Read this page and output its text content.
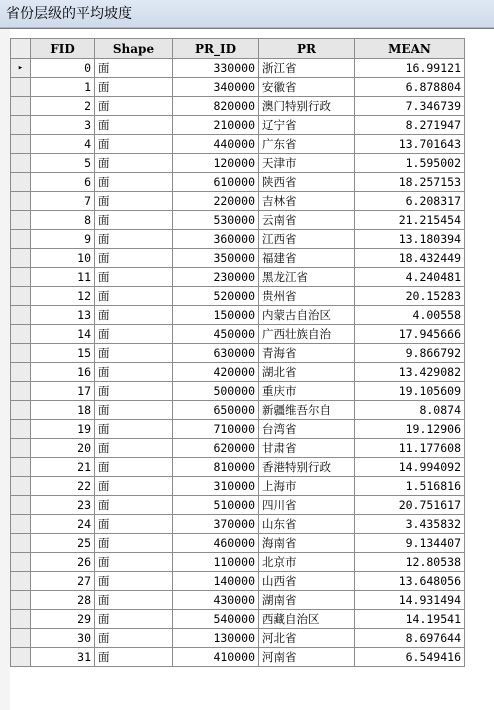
省份层级的平均坡度
	FID	Shape	PR_ID	PR	MEAN
▸	0	面	330000	浙江省	16.99121
	1	面	340000	安徽省	6.878804
	2	面	820000	澳门特别行政	7.346739
	3	面	210000	辽宁省	8.271947
	4	面	440000	广东省	13.701643
	5	面	120000	天津市	1.595002
	6	面	610000	陕西省	18.257153
	7	面	220000	吉林省	6.208317
	8	面	530000	云南省	21.215454
	9	面	360000	江西省	13.180394
	10	面	350000	福建省	18.432449
	11	面	230000	黑龙江省	4.240481
	12	面	520000	贵州省	20.15283
	13	面	150000	内蒙古自治区	4.00558
	14	面	450000	广西壮族自治	17.945666
	15	面	630000	青海省	9.866792
	16	面	420000	湖北省	13.429082
	17	面	500000	重庆市	19.105609
	18	面	650000	新疆维吾尔自	8.0874
	19	面	710000	台湾省	19.12906
	20	面	620000	甘肃省	11.177608
	21	面	810000	香港特别行政	14.994092
	22	面	310000	上海市	1.516816
	23	面	510000	四川省	20.751617
	24	面	370000	山东省	3.435832
	25	面	460000	海南省	9.134407
	26	面	110000	北京市	12.80538
	27	面	140000	山西省	13.648056
	28	面	430000	湖南省	14.931494
	29	面	540000	西藏自治区	14.19541
	30	面	130000	河北省	8.697644
	31	面	410000	河南省	6.549416
